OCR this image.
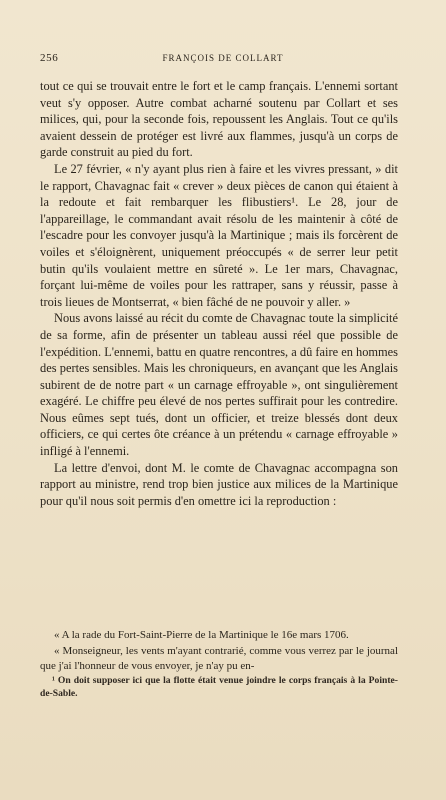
256	FRANÇOIS DE COLLART

tout ce qui se trouvait entre le fort et le camp français. L'ennemi sortant veut s'y opposer. Autre combat acharné soutenu par Collart et ses milices, qui, pour la seconde fois, repoussent les Anglais. Tout ce qu'ils avaient dessein de protéger est livré aux flammes, jusqu'à un corps de garde construit au pied du fort.

Le 27 février, « n'y ayant plus rien à faire et les vivres pressant, » dit le rapport, Chavagnac fait « crever » deux pièces de canon qui étaient à la redoute et fait rembarquer les flibustiers¹. Le 28, jour de l'appareillage, le commandant avait résolu de les maintenir à côté de l'escadre pour les convoyer jusqu'à la Martinique ; mais ils forcèrent de voiles et s'éloignèrent, uniquement préoccupés « de serrer leur petit butin qu'ils voulaient mettre en sûreté ». Le 1er mars, Chavagnac, forçant lui-même de voiles pour les rattraper, sans y réussir, passe à trois lieues de Montserrat, « bien fâché de ne pouvoir y aller. »

Nous avons laissé au récit du comte de Chavagnac toute la simplicité de sa forme, afin de présenter un tableau aussi réel que possible de l'expédition. L'ennemi, battu en quatre rencontres, a dû faire en hommes des pertes sensibles. Mais les chroniqueurs, en avançant que les Anglais subirent de de notre part « un carnage effroyable », ont singulièrement exagéré. Le chiffre peu élevé de nos pertes suffirait pour les contredire. Nous eûmes sept tués, dont un officier, et treize blessés dont deux officiers, ce qui certes ôte créance à un prétendu « carnage effroyable » infligé à l'ennemi.

La lettre d'envoi, dont M. le comte de Chavagnac accompagna son rapport au ministre, rend trop bien justice aux milices de la Martinique pour qu'il nous soit permis d'en omettre ici la reproduction :

« A la rade du Fort-Saint-Pierre de la Martinique le 16e mars 1706.

« Monseigneur, les vents m'ayant contrarié, comme vous verrez par le journal que j'ai l'honneur de vous envoyer, je n'ay pu en-

¹ On doit supposer ici que la flotte était venue joindre le corps français à la Pointe-de-Sable.
